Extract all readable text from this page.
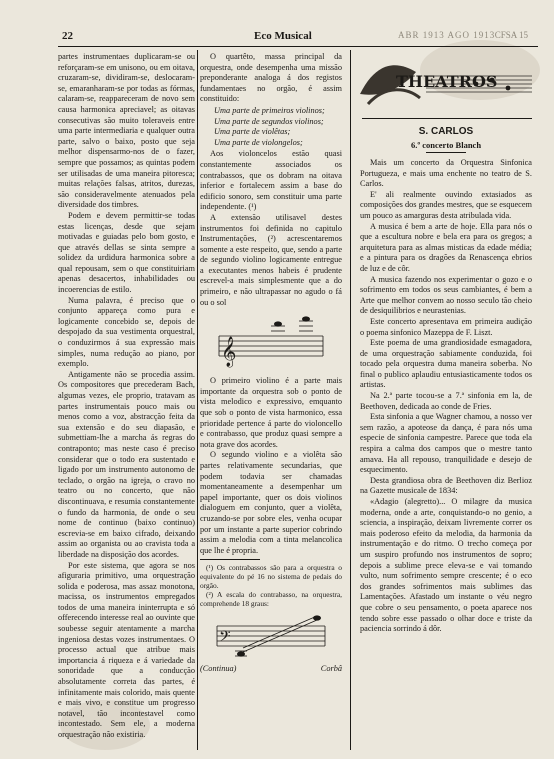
22	Eco Musical	ABR 1913 AGO 1913 CFSA 15

partes instrumentaes duplicaram-se ou reforçaram-se em unisono, ou em oitava, cruzaram-se, dividiram-se, deslocaram-se, emaranharam-se por todas as fórmas, calaram-se, reappareceram de novo sem causa harmonica apreciavel; as oitavas consecutivas são muito toleraveis entre uma parte intermediaria e qualquer outra parte, salvo o baixo, posto que seja melhor dispensarmo-nos de o fazer, sempre que possamos; as quintas podem ser utilisadas de uma maneira pitoresca; muitas relações falsas, atritos, durezas, são consideravelmente atenuados pela diversidade dos timbres.

Podem e devem permittir-se todas estas licenças, desde que sejam motivadas e guiadas pelo bom gosto, e que através dellas se sinta sempre a solidez da urdidura harmonica sobre a qual repousam, sem o que constituiriam apenas desacertos, inhabilidades ou incoerencias de estilo.

Numa palavra, é preciso que o conjunto appareça como pura e logicamente concebido se, depois de despojado da sua vestimenta orquestral, o conduzirmos á sua expressão mais simples, numa redução ao piano, por exemplo.

Antigamente não se procedia assim. Os compositores que precederam Bach, algumas vezes, ele proprio, tratavam as partes instrumentais pouco mais ou menos como a voz, abstracção feita da sua extensão e do seu diapasão, e submettiam-lhe a marcha ás regras do contraponto; mas neste caso é preciso considerar que o todo era sustentado e ligado por um instrumento autonomo de teclado, o orgão na igreja, o cravo no teatro ou no concerto, que não discontinuava, e resumia constantemente o fundo da harmonia, de onde o seu nome de continuo (baixo continuo) escrevia-se em baixo cifrado, deixando assim ao organista ou ao cravista toda a liberdade na disposição dos acordes.

Por este sistema, que agora se nos afiguraria primitivo, uma orquestração solida e poderosa, mas assaz monotona, macissa, os instrumentos empregados todos de uma maneira ininterrupta e só offerecendo interesse real ao ouvinte que soubesse seguir atentamente a marcha ingeniosa destas vozes instrumentaes. O processo actual que atribue mais importancia á riqueza e á variedade da sonoridade que a conducção absolutamente correta das partes, é infinitamente mais colorido, mais quente e mais vivo, e constitue um progresso notavel, tão incontestavel como incontestado. Sem ele, a moderna orquestração não existiria.

O quartêto, massa principal da orquestra, onde desempenha uma missão preponderante analoga á dos registos fundamentaes no orgão, é assim constituido:

Uma parte de primeiros violinos;
Uma parte de segundos violinos;
Uma parte de violêtas;
Uma parte de violongelos;

Aos violoncelos estão quasi constantemente associados os contrabassos, que os dobram na oitava inferior e fortalecem assim a base do edificio sonoro, sem constituir uma parte independente. (¹)

A extensão utilisavel destes instrumentos foi definida no capitulo Instrumentações, (²) acrescentaremos somente a este respeito, que, sendo a parte de segundo violino logicamente entregue a executantes menos habeis é prudente escrevel-a mais simplesmente que a do primeiro, e não ultrapassar no agudo o fá ou o sol

𝄞

O primeiro violino é a parte mais importante da orquestra sob o ponto de vista melodico e expressivo, emquanto que sob o ponto de vista harmonico, essa prioridade pertence á parte do violoncello e contrabasso, que produz quasi sempre a nota grave dos acordes.

O segundo violino e a violêta são partes relativamente secundarias, que podem todavia ser chamadas momentaneamente a desempenhar um papel importante, quer os dois violinos dialoguem em conjunto, quer a violêta, cruzando-se por sobre eles, venha ocupar por um instante a parte superior cobrindo assim a melodia com a tinta melancolica que lhe é propria.

(¹) Os contrabassos são para a orquestra o equivalente do pé 16 no sistema de pedais do orgão.

(²) A escala do contrabasso, na orquestra, comprehende 18 graus:

𝄢
(Continua)	Corbâ
THEATROS
S. CARLOS
6.º concerto Blanch

Mais um concerto da Orquestra Sinfonica Portugueza, e mais uma enchente no teatro de S. Carlos.

E' ali realmente ouvindo extasiados as composições dos grandes mestres, que se esquecem um pouco as amarguras desta atribulada vida.

A musica é bem a arte de hoje. Ella para nós o que a escultura nobre e bela era para os gregos; a arquitetura para as almas misticas da edade média; e a pintura para os dragões da Renascença ebrios de luz e de côr.

A musica fazendo nos experimentar o gozo e o sofrimento em todos os seus cambiantes, é bem a Arte que melhor convem ao nosso seculo tão cheio de desiquilibrios e neurastenias.

Este concerto apresentava em primeira audição o poema sinfonico Mazeppa de F. Liszt.

Este poema de uma grandiosidade esmagadora, de uma orquestração sabiamente conduzida, foi tocado pela orquestra duma maneira soberba. No final o publico aplaudiu entusiasticamente todos os artistas.

Na 2.ª parte tocou-se a 7.ª sinfonia em la, de Beethoven, dedicada ao conde de Fries.

Esta sinfonia a que Wagner chamou, a nosso ver sem razão, a apoteose da dança, é para nós uma especie de sinfonia campestre. Parece que toda ela respira a calma dos campos que o mestre tanto amava. Ha all repouso, tranquilidade e desejo de esquecimento.

Desta grandiosa obra de Beethoven diz Berlioz na Gazette musicale de 1834:

«Adagio (alegretto)... O milagre da musica moderna, onde a arte, conquistando-o no genio, a sciencia, a inspiração, deixam livremente correr os mais poderoso efeito da melodia, da harmonia da instrumentação e do ritmo. O trecho começa por um suspiro profundo nos instrumentos de sopro; depois a sublime prece eleva-se e vai tomando vulto, num sofrimento sempre crescente; é o eco dos grandes sofrimentos mais sublimes das Lamentações. Afastado um instante o véu negro que cobre o seu pensamento, o poeta aparece nos tendo sobre esse passado o olhar doce e triste da paciencia sorrindo á dôr.
